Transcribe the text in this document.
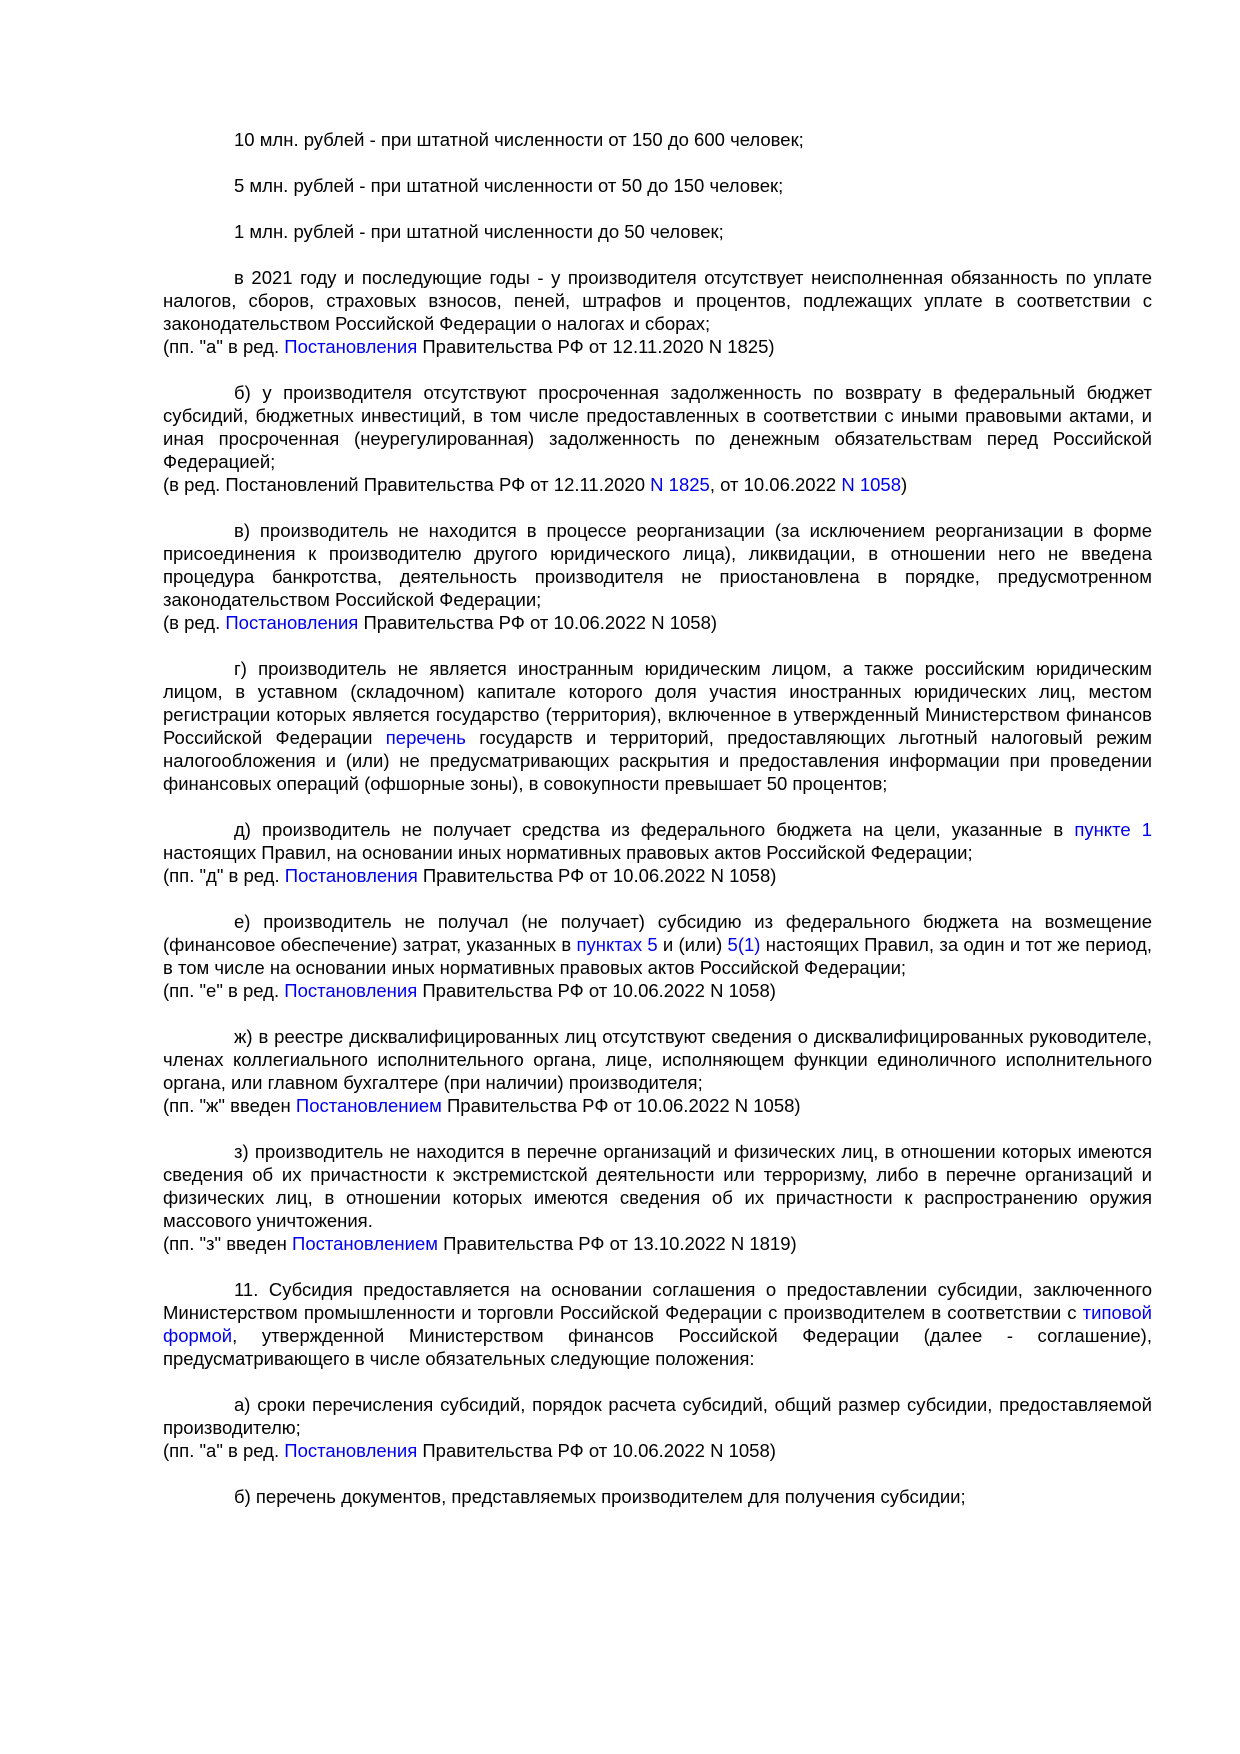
10 млн. рублей - при штатной численности от 150 до 600 человек;

5 млн. рублей - при штатной численности от 50 до 150 человек;

1 млн. рублей - при штатной численности до 50 человек;

в 2021 году и последующие годы - у производителя отсутствует неисполненная обязанность по уплате налогов, сборов, страховых взносов, пеней, штрафов и процентов, подлежащих уплате в соответствии с законодательством Российской Федерации о налогах и сборах;

(пп. "а" в ред. Постановления Правительства РФ от 12.11.2020 N 1825)

б) у производителя отсутствуют просроченная задолженность по возврату в федеральный бюджет субсидий, бюджетных инвестиций, в том числе предоставленных в соответствии с иными правовыми актами, и иная просроченная (неурегулированная) задолженность по денежным обязательствам перед Российской Федерацией;

(в ред. Постановлений Правительства РФ от 12.11.2020 N 1825, от 10.06.2022 N 1058)

в) производитель не находится в процессе реорганизации (за исключением реорганизации в форме присоединения к производителю другого юридического лица), ликвидации, в отношении него не введена процедура банкротства, деятельность производителя не приостановлена в порядке, предусмотренном законодательством Российской Федерации;

(в ред. Постановления Правительства РФ от 10.06.2022 N 1058)

г) производитель не является иностранным юридическим лицом, а также российским юридическим лицом, в уставном (складочном) капитале которого доля участия иностранных юридических лиц, местом регистрации которых является государство (территория), включенное в утвержденный Министерством финансов Российской Федерации перечень государств и территорий, предоставляющих льготный налоговый режим налогообложения и (или) не предусматривающих раскрытия и предоставления информации при проведении финансовых операций (офшорные зоны), в совокупности превышает 50 процентов;

д) производитель не получает средства из федерального бюджета на цели, указанные в пункте 1 настоящих Правил, на основании иных нормативных правовых актов Российской Федерации;

(пп. "д" в ред. Постановления Правительства РФ от 10.06.2022 N 1058)

е) производитель не получал (не получает) субсидию из федерального бюджета на возмещение (финансовое обеспечение) затрат, указанных в пунктах 5 и (или) 5(1) настоящих Правил, за один и тот же период, в том числе на основании иных нормативных правовых актов Российской Федерации;

(пп. "е" в ред. Постановления Правительства РФ от 10.06.2022 N 1058)

ж) в реестре дисквалифицированных лиц отсутствуют сведения о дисквалифицированных руководителе, членах коллегиального исполнительного органа, лице, исполняющем функции единоличного исполнительного органа, или главном бухгалтере (при наличии) производителя;

(пп. "ж" введен Постановлением Правительства РФ от 10.06.2022 N 1058)

з) производитель не находится в перечне организаций и физических лиц, в отношении которых имеются сведения об их причастности к экстремистской деятельности или терроризму, либо в перечне организаций и физических лиц, в отношении которых имеются сведения об их причастности к распространению оружия массового уничтожения.

(пп. "з" введен Постановлением Правительства РФ от 13.10.2022 N 1819)

11. Субсидия предоставляется на основании соглашения о предоставлении субсидии, заключенного Министерством промышленности и торговли Российской Федерации с производителем в соответствии с типовой формой, утвержденной Министерством финансов Российской Федерации (далее - соглашение), предусматривающего в числе обязательных следующие положения:

а) сроки перечисления субсидий, порядок расчета субсидий, общий размер субсидии, предоставляемой производителю;

(пп. "а" в ред. Постановления Правительства РФ от 10.06.2022 N 1058)

б) перечень документов, представляемых производителем для получения субсидии;
